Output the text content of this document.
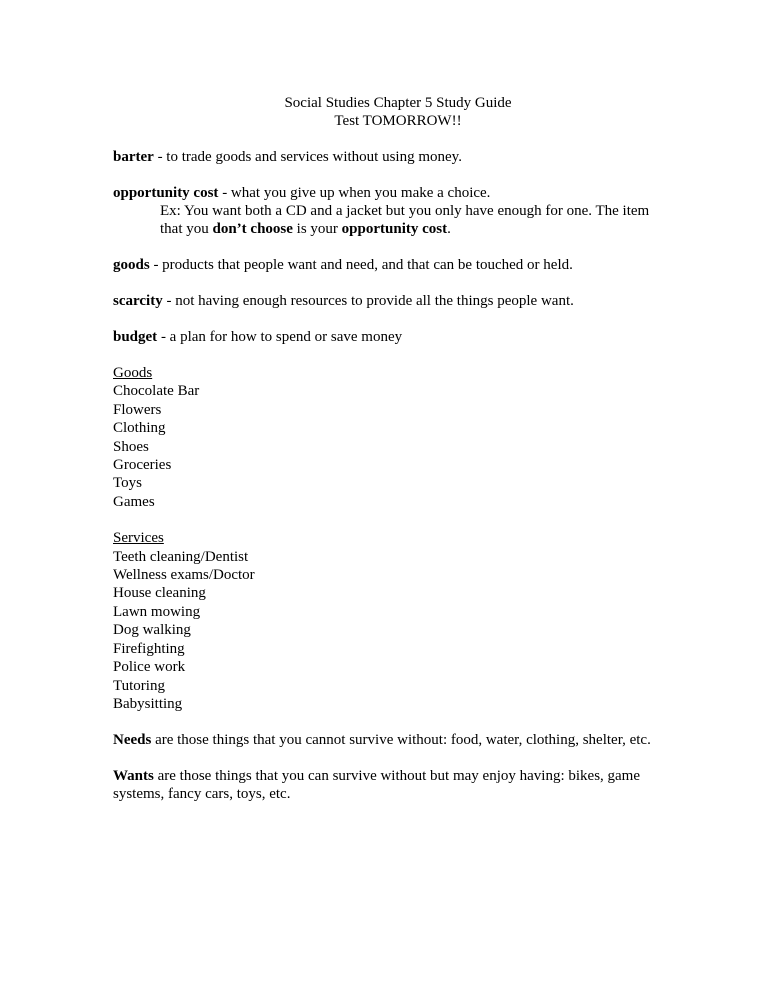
Social Studies Chapter 5 Study Guide
Test TOMORROW!!

barter - to trade goods and services without using money.

opportunity cost - what you give up when you make a choice.

Ex: You want both a CD and a jacket but you only have enough for one. The item
that you don’t choose is your opportunity cost.

goods - products that people want and need, and that can be touched or held.

scarcity - not having enough resources to provide all the things people want.

budget - a plan for how to spend or save money

Goods
Chocolate Bar
Flowers
Clothing
Shoes
Groceries
Toys
Games
Services
Teeth cleaning/Dentist
Wellness exams/Doctor
House cleaning
Lawn mowing
Dog walking
Firefighting
Police work
Tutoring
Babysitting

Needs are those things that you cannot survive without: food, water, clothing, shelter, etc.

Wants are those things that you can survive without but may enjoy having: bikes, game systems, fancy cars, toys, etc.
